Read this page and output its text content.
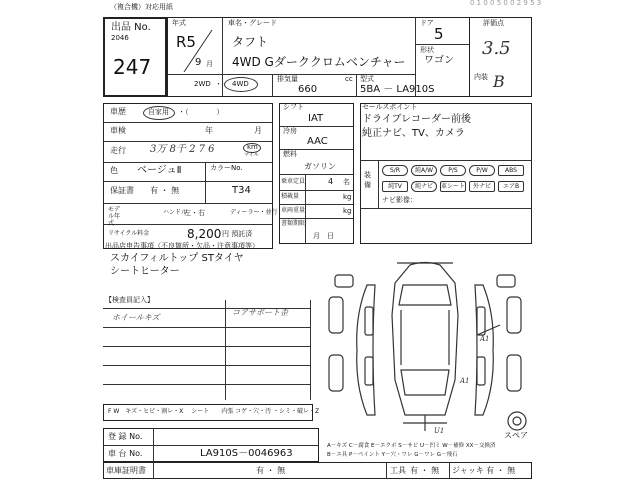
（複合機）対応用紙	0 1 0 0 5 0 0 2 9 5 3
出品 No.
2046
247
年式
R5
9 月
車名・グレード
タフト
4WD Gダーククロムベンチャー
ドア
5
形状
ワゴン
2WD ・ 4WD
排気量	cc
660
型式
5BA － LA910S
評価点
3.5
内装 B
車歴	自家用 ・（　　　　）
車検	年	月
走行 3万 8千 2 7 6	km
マイル
色 ベージュⅡ	カラーNo.
T34
保証書 有 ・ 無
モデル年式
ハンドル
左・右	ディーラー・並行
リサイクル料金	8,200 円 預託済
シフト
IAT
冷房
AAC
燃料
ガソリン
乗車定員	4 名
積載量	kg
車両重量	kg
書類期限
月　日
セールスポイント
ドライブレコーダー前後
純正ナビ、TV、カメラ
装備
S/R	純A/W	P/S	P/W	ABS
純TV	純ナビ	革シート	外ナビ	エアB
ナビ影像：
出品店申告事項（不良箇所・欠品・注意事項等）
スカイフィルトップ STタイヤ
シートヒーター
【検査員記入】
ホイールキズ
コアサポート歪
A1
A1
U1	スペア
F W　キズ・ヒビ・割レ・X　 シート　　内張 コゲ・穴・汚 ・シミ・破レ・Z
登 録 No.
車 台 No.	LA910S－0046963
車庫証明書	有 ・ 無	工具 有 ・ 無 ジャッキ 有 ・ 無
A－キズ C－腐食 E－エクボ S－サビ U－凹ミ W－補修 XX－交換済
B－エ具 P－ペイント Y－穴・ワレ G－ワレ G－飛石
